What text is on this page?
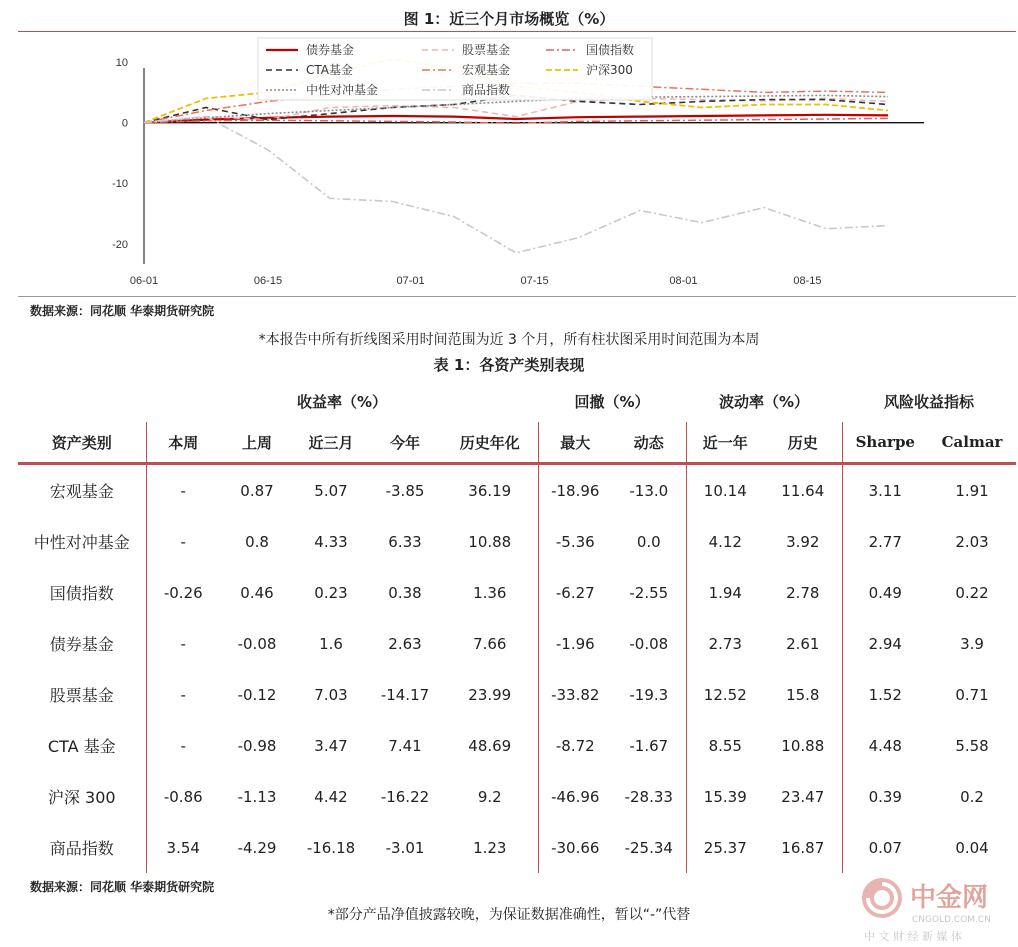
图 1：近三个月市场概览（%）
10
0
-10
-20
06-01	06-15	07-01	07-15	08-01	08-15
债券基金	股票基金	国债指数
CTA基金	宏观基金	沪深300
中性对冲基金	商品指数
数据来源：同花顺 华泰期货研究院
*本报告中所有折线图采用时间范围为近 3 个月，所有柱状图采用时间范围为本周
表 1：各资产类别表现
	收益率（%）					回撤（%）		波动率（%）		风险收益指标	
资产类别	本周	上周	近三月	今年	历史年化	最大	动态	近一年	历史	Sharpe	Calmar
宏观基金	-	0.87	5.07	-3.85	36.19	-18.96	-13.0	10.14	11.64	3.11	1.91
中性对冲基金	-	0.8	4.33	6.33	10.88	-5.36	0.0	4.12	3.92	2.77	2.03
国债指数	-0.26	0.46	0.23	0.38	1.36	-6.27	-2.55	1.94	2.78	0.49	0.22
债券基金	-	-0.08	1.6	2.63	7.66	-1.96	-0.08	2.73	2.61	2.94	3.9
股票基金	-	-0.12	7.03	-14.17	23.99	-33.82	-19.3	12.52	15.8	1.52	0.71
CTA 基金	-	-0.98	3.47	7.41	48.69	-8.72	-1.67	8.55	10.88	4.48	5.58
沪深 300	-0.86	-1.13	4.42	-16.22	9.2	-46.96	-28.33	15.39	23.47	0.39	0.2
商品指数	3.54	-4.29	-16.18	-3.01	1.23	-30.66	-25.34	25.37	16.87	0.07	0.04
数据来源：同花顺 华泰期货研究院
*部分产品净值披露较晚，为保证数据准确性，暂以“-”代替
中金网
CNGOLD.COM.CN
中 文 财 经 新 媒 体
